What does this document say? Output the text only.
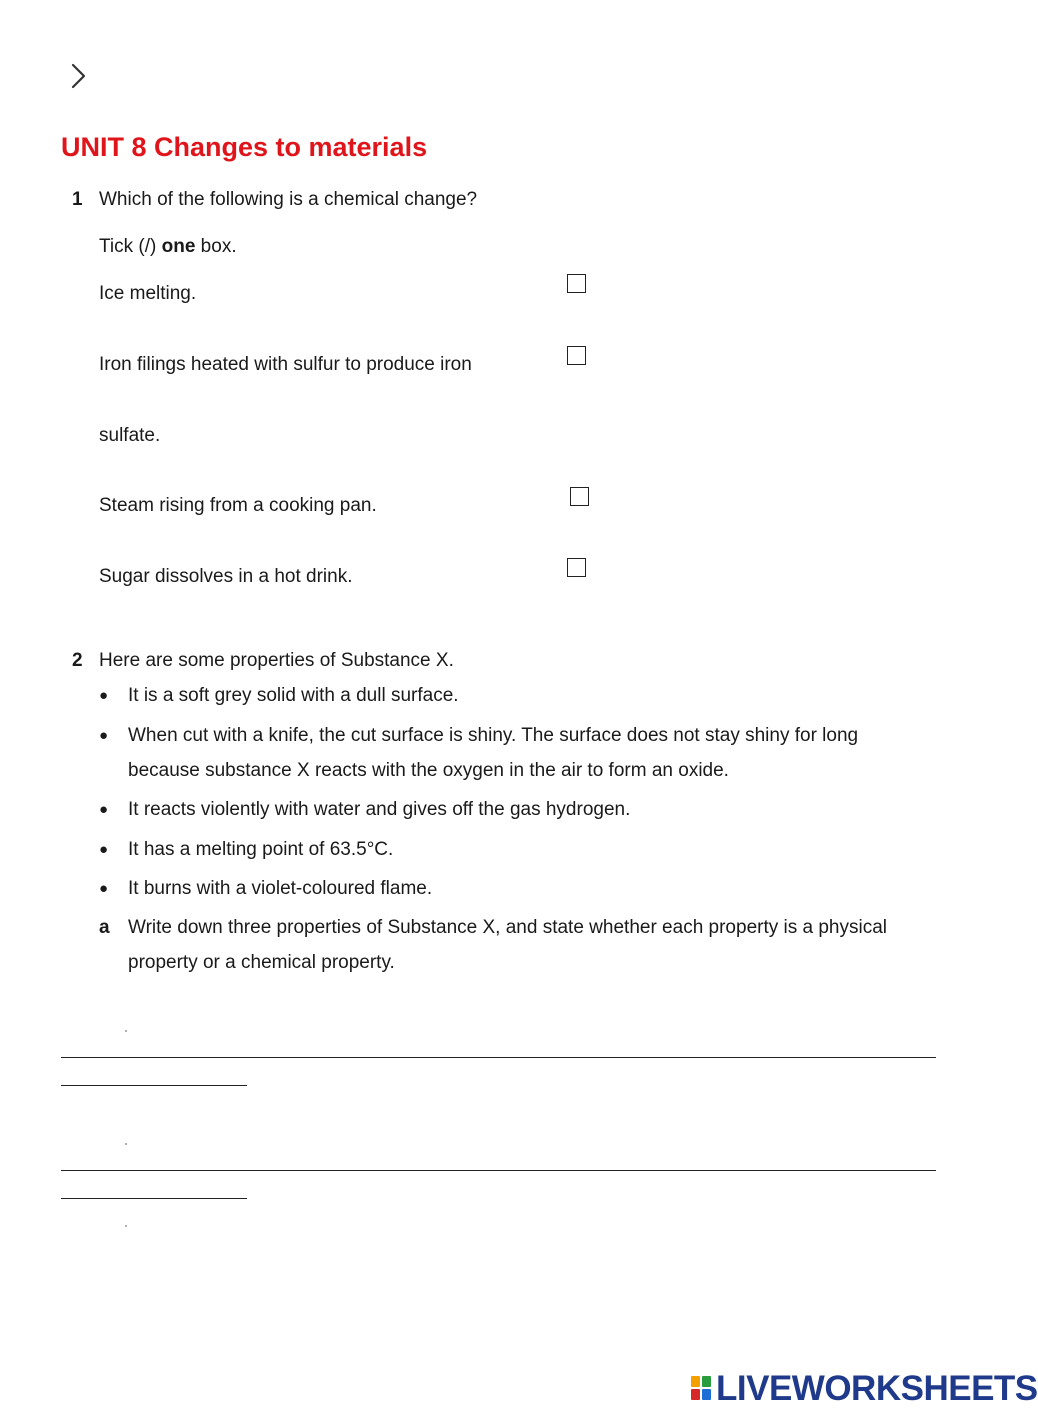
UNIT 8 Changes to materials
1 Which of the following is a chemical change?
Tick (/) one box.
Ice melting.
Iron filings heated with sulfur to produce iron
sulfate.
Steam rising from a cooking pan.
Sugar dissolves in a hot drink.
2 Here are some properties of Substance X.
● It is a soft grey solid with a dull surface.
● When cut with a knife, the cut surface is shiny. The surface does not stay shiny for long
because substance X reacts with the oxygen in the air to form an oxide.
● It reacts violently with water and gives off the gas hydrogen.
● It has a melting point of 63.5°C.
● It burns with a violet-coloured flame.
a Write down three properties of Substance X, and state whether each property is a physical
property or a chemical property.
LIVEWORKSHEETS
